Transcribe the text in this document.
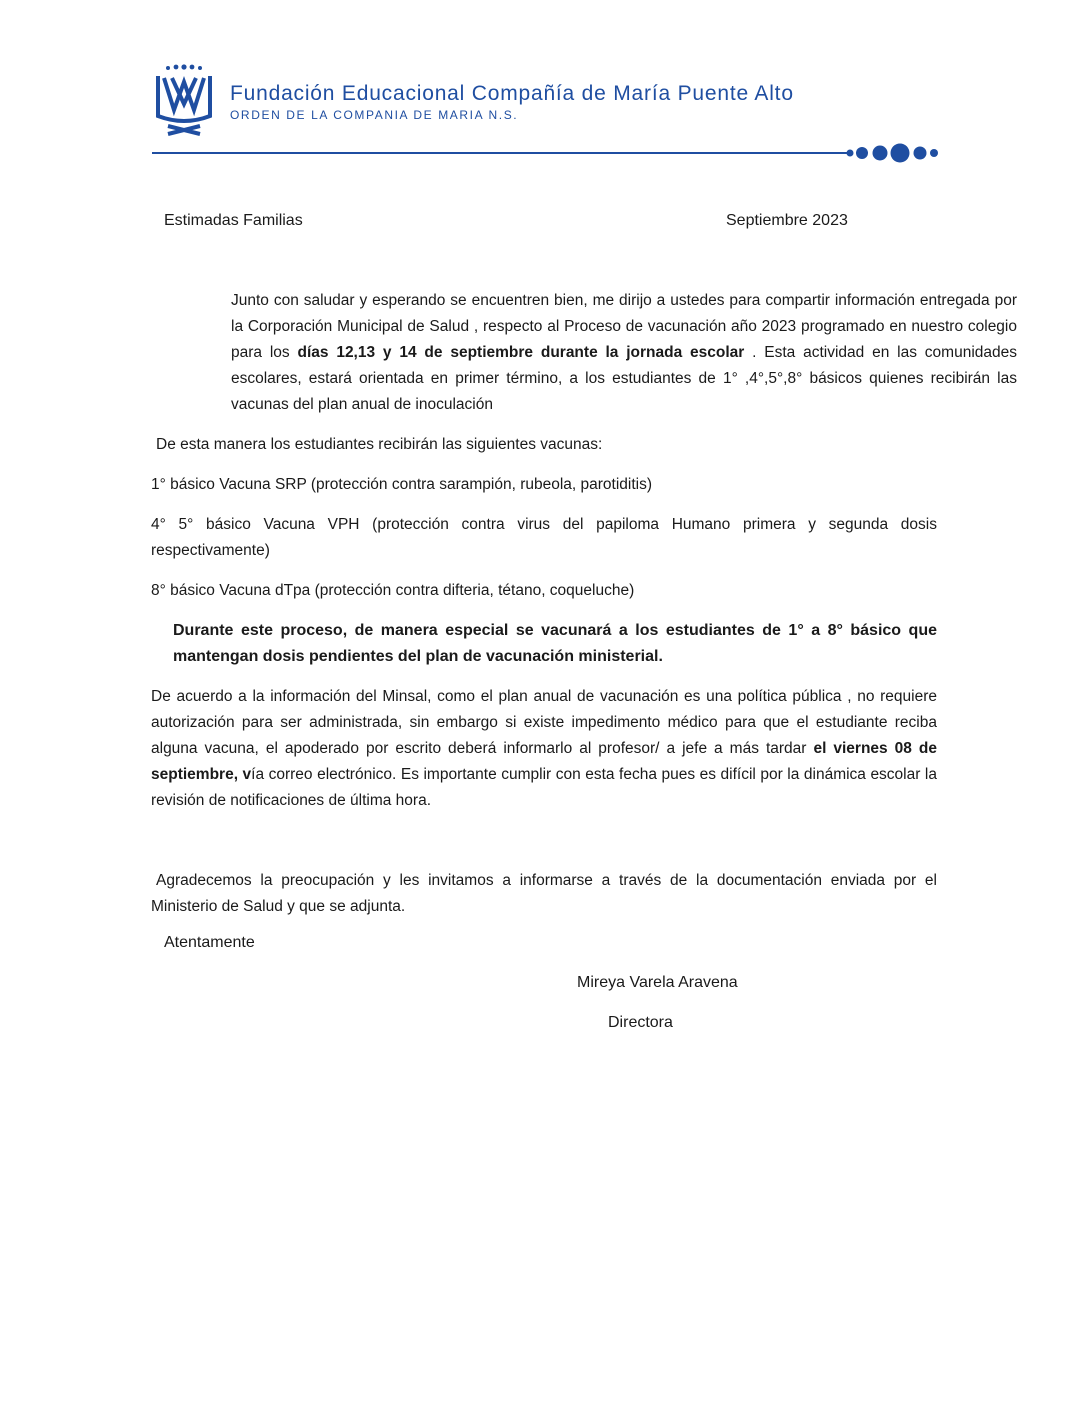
Fundación Educacional Compañía de María Puente Alto
ORDEN DE LA COMPANIA DE MARIA N.S.
Estimadas Familias	Septiembre 2023

Junto con saludar y esperando se encuentren bien, me dirijo a ustedes para compartir información entregada por la Corporación Municipal de Salud , respecto al Proceso de vacunación año 2023 programado en nuestro colegio para los días 12,13 y 14 de septiembre durante la jornada escolar . Esta actividad en las comunidades escolares, estará orientada en primer término, a los estudiantes de 1° ,4°,5°,8° básicos quienes recibirán las vacunas del plan anual de inoculación

De esta manera los estudiantes recibirán las siguientes vacunas:

1° básico Vacuna SRP (protección contra sarampión, rubeola, parotiditis)

4° 5° básico Vacuna VPH (protección contra virus del papiloma Humano primera y segunda dosis respectivamente)

8° básico Vacuna dTpa (protección contra difteria, tétano, coqueluche)

Durante este proceso, de manera especial se vacunará a los estudiantes de 1° a 8° básico que mantengan dosis pendientes del plan de vacunación ministerial.

De acuerdo a la información del Minsal, como el plan anual de vacunación es una política pública , no requiere autorización para ser administrada, sin embargo si existe impedimento médico para que el estudiante reciba alguna vacuna, el apoderado por escrito deberá informarlo al profesor/ a jefe a más tardar el viernes 08 de septiembre, vía correo electrónico. Es importante cumplir con esta fecha pues es difícil por la dinámica escolar la revisión de notificaciones de última hora.

Agradecemos la preocupación y les invitamos a informarse a través de la documentación enviada por el Ministerio de Salud y que se adjunta.

Atentamente
Mireya Varela Aravena
Directora
